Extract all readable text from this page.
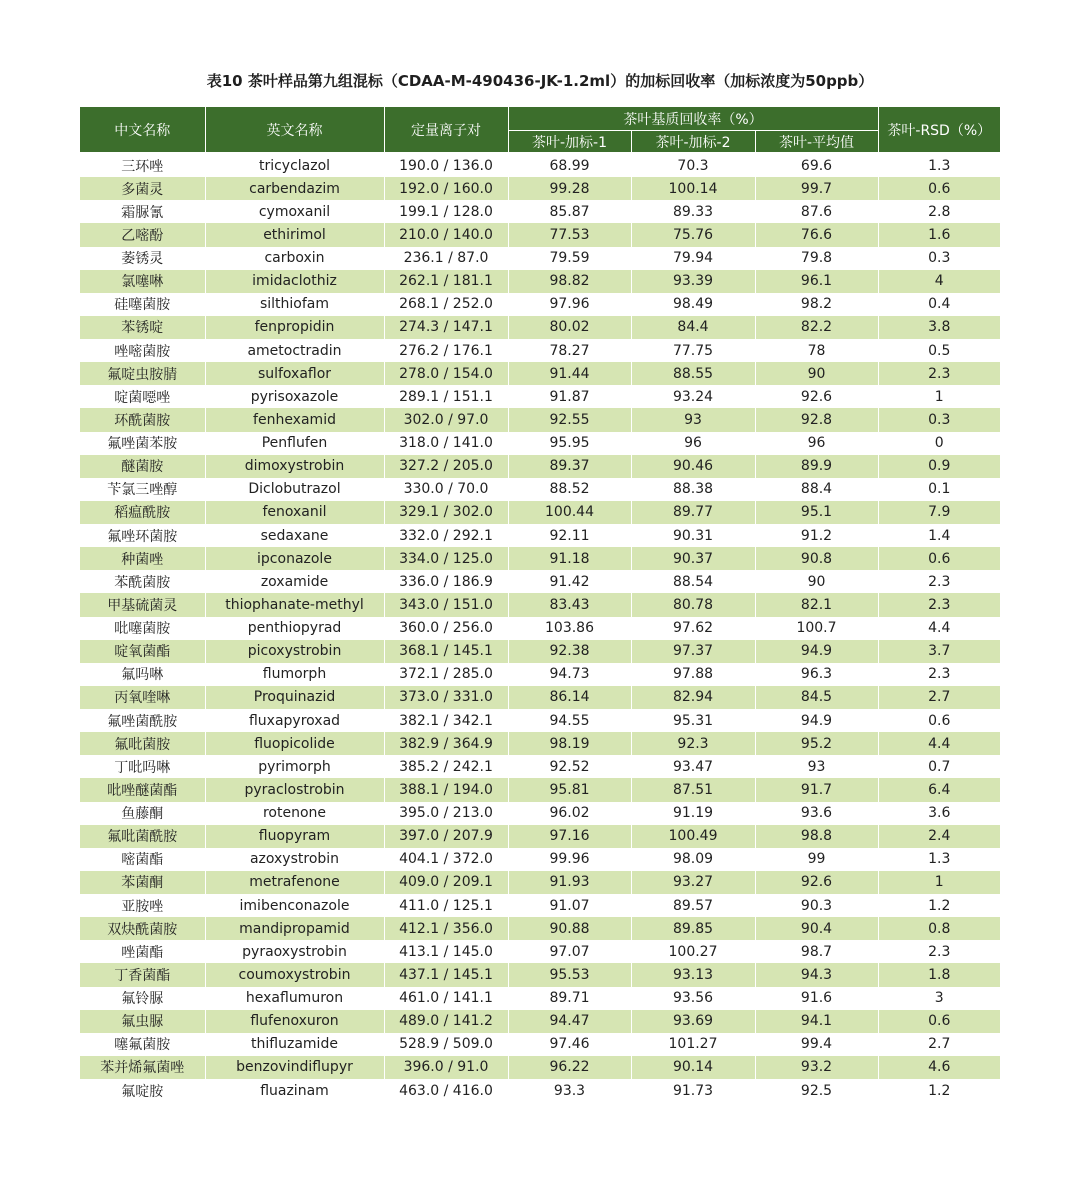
表10 茶叶样品第九组混标（CDAA-M-490436-JK-1.2ml）的加标回收率（加标浓度为50ppb）
中文名称	英文名称	定量离子对	茶叶基质回收率（%）			茶叶-RSD（%）
			茶叶-加标-1	茶叶-加标-2	茶叶-平均值	
三环唑	tricyclazol	190.0 / 136.0	68.99	70.3	69.6	1.3
多菌灵	carbendazim	192.0 / 160.0	99.28	100.14	99.7	0.6
霜脲氰	cymoxanil	199.1 / 128.0	85.87	89.33	87.6	2.8
乙嘧酚	ethirimol	210.0 / 140.0	77.53	75.76	76.6	1.6
萎锈灵	carboxin	236.1 / 87.0	79.59	79.94	79.8	0.3
氯噻啉	imidaclothiz	262.1 / 181.1	98.82	93.39	96.1	4
硅噻菌胺	silthiofam	268.1 / 252.0	97.96	98.49	98.2	0.4
苯锈啶	fenpropidin	274.3 / 147.1	80.02	84.4	82.2	3.8
唑嘧菌胺	ametoctradin	276.2 / 176.1	78.27	77.75	78	0.5
氟啶虫胺腈	sulfoxaflor	278.0 / 154.0	91.44	88.55	90	2.3
啶菌噁唑	pyrisoxazole	289.1 / 151.1	91.87	93.24	92.6	1
环酰菌胺	fenhexamid	302.0 / 97.0	92.55	93	92.8	0.3
氟唑菌苯胺	Penflufen	318.0 / 141.0	95.95	96	96	0
醚菌胺	dimoxystrobin	327.2 / 205.0	89.37	90.46	89.9	0.9
苄氯三唑醇	Diclobutrazol	330.0 / 70.0	88.52	88.38	88.4	0.1
稻瘟酰胺	fenoxanil	329.1 / 302.0	100.44	89.77	95.1	7.9
氟唑环菌胺	sedaxane	332.0 / 292.1	92.11	90.31	91.2	1.4
种菌唑	ipconazole	334.0 / 125.0	91.18	90.37	90.8	0.6
苯酰菌胺	zoxamide	336.0 / 186.9	91.42	88.54	90	2.3
甲基硫菌灵	thiophanate-methyl	343.0 / 151.0	83.43	80.78	82.1	2.3
吡噻菌胺	penthiopyrad	360.0 / 256.0	103.86	97.62	100.7	4.4
啶氧菌酯	picoxystrobin	368.1 / 145.1	92.38	97.37	94.9	3.7
氟吗啉	flumorph	372.1 / 285.0	94.73	97.88	96.3	2.3
丙氧喹啉	Proquinazid	373.0 / 331.0	86.14	82.94	84.5	2.7
氟唑菌酰胺	fluxapyroxad	382.1 / 342.1	94.55	95.31	94.9	0.6
氟吡菌胺	fluopicolide	382.9 / 364.9	98.19	92.3	95.2	4.4
丁吡吗啉	pyrimorph	385.2 / 242.1	92.52	93.47	93	0.7
吡唑醚菌酯	pyraclostrobin	388.1 / 194.0	95.81	87.51	91.7	6.4
鱼藤酮	rotenone	395.0 / 213.0	96.02	91.19	93.6	3.6
氟吡菌酰胺	fluopyram	397.0 / 207.9	97.16	100.49	98.8	2.4
嘧菌酯	azoxystrobin	404.1 / 372.0	99.96	98.09	99	1.3
苯菌酮	metrafenone	409.0 / 209.1	91.93	93.27	92.6	1
亚胺唑	imibenconazole	411.0 / 125.1	91.07	89.57	90.3	1.2
双炔酰菌胺	mandipropamid	412.1 / 356.0	90.88	89.85	90.4	0.8
唑菌酯	pyraoxystrobin	413.1 / 145.0	97.07	100.27	98.7	2.3
丁香菌酯	coumoxystrobin	437.1 / 145.1	95.53	93.13	94.3	1.8
氟铃脲	hexaflumuron	461.0 / 141.1	89.71	93.56	91.6	3
氟虫脲	flufenoxuron	489.0 / 141.2	94.47	93.69	94.1	0.6
噻氟菌胺	thifluzamide	528.9 / 509.0	97.46	101.27	99.4	2.7
苯并烯氟菌唑	benzovindiflupyr	396.0 / 91.0	96.22	90.14	93.2	4.6
氟啶胺	fluazinam	463.0 / 416.0	93.3	91.73	92.5	1.2
